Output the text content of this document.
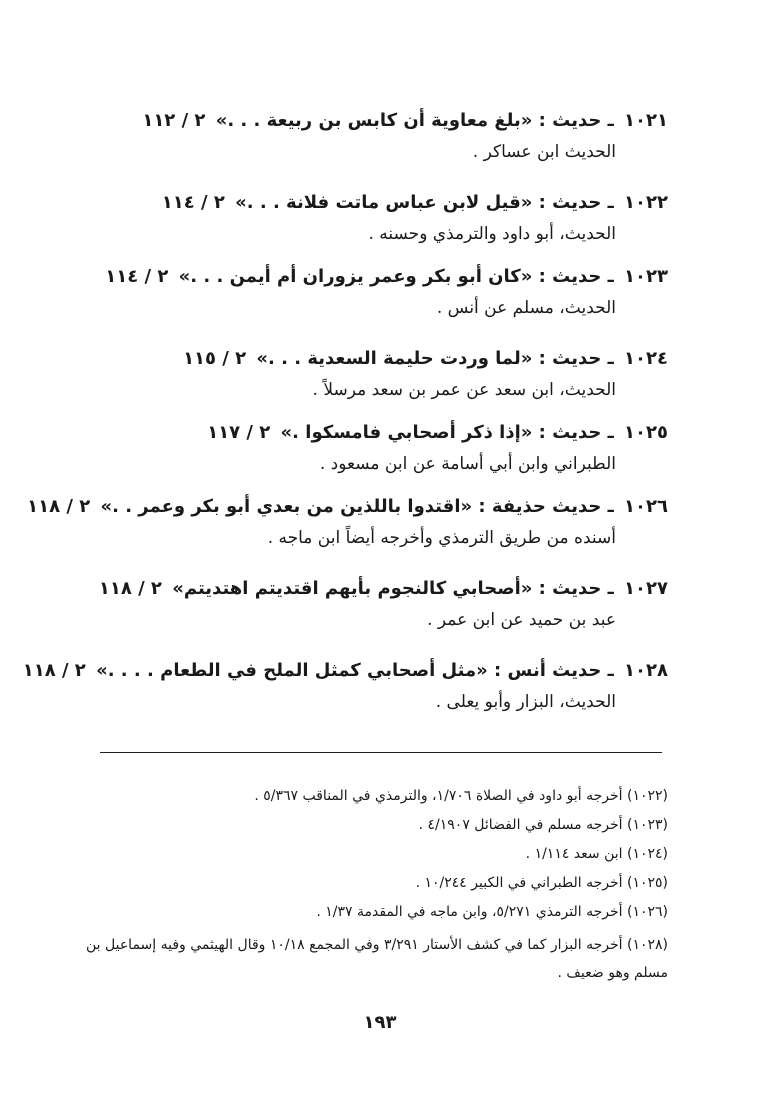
١٠٢١ ـ حديث : «بلغ معاوية أن كابس بن ربيعة . . .» ٢ / ١١٢
الحديث ابن عساكر .
١٠٢٢ ـ حديث : «قيل لابن عباس ماتت فلانة . . .» ٢ / ١١٤
الحديث، أبو داود والترمذي وحسنه .
١٠٢٣ ـ حديث : «كان أبو بكر وعمر يزوران أم أيمن . . .» ٢ / ١١٤
الحديث، مسلم عن أنس .
١٠٢٤ ـ حديث : «لما وردت حليمة السعدية . . .» ٢ / ١١٥
الحديث، ابن سعد عن عمر بن سعد مرسلاً .
١٠٢٥ ـ حديث : «إذا ذكر أصحابي فامسكوا .» ٢ / ١١٧
الطبراني وابن أبي أسامة عن ابن مسعود .
١٠٢٦ ـ حديث حذيفة : «اقتدوا باللذين من بعدي أبو بكر وعمر . .» ٢ / ١١٨
أسنده من طريق الترمذي وأخرجه أيضاً ابن ماجه .
١٠٢٧ ـ حديث : «أصحابي كالنجوم بأيهم اقتديتم اهتديتم» ٢ / ١١٨
عبد بن حميد عن ابن عمر .
١٠٢٨ ـ حديث أنس : «مثل أصحابي كمثل الملح في الطعام . . . .» ٢ / ١١٨
الحديث، البزار وأبو يعلى .
(١٠٢٢) أخرجه أبو داود في الصلاة ١/٧٠٦، والترمذي في المناقب ٥/٣٦٧ .
(١٠٢٣) أخرجه مسلم في الفضائل ٤/١٩٠٧ .
(١٠٢٤) ابن سعد ١/١١٤ .
(١٠٢٥) أخرجه الطبراني في الكبير ١٠/٢٤٤ .
(١٠٢٦) أخرجه الترمذي ٥/٢٧١، وابن ماجه في المقدمة ١/٣٧ .
(١٠٢٨) أخرجه البزار كما في كشف الأستار ٣/٢٩١ وفي المجمع ١٠/١٨ وقال الهيثمي وفيه إسماعيل بن مسلم وهو ضعيف .
١٩٣
